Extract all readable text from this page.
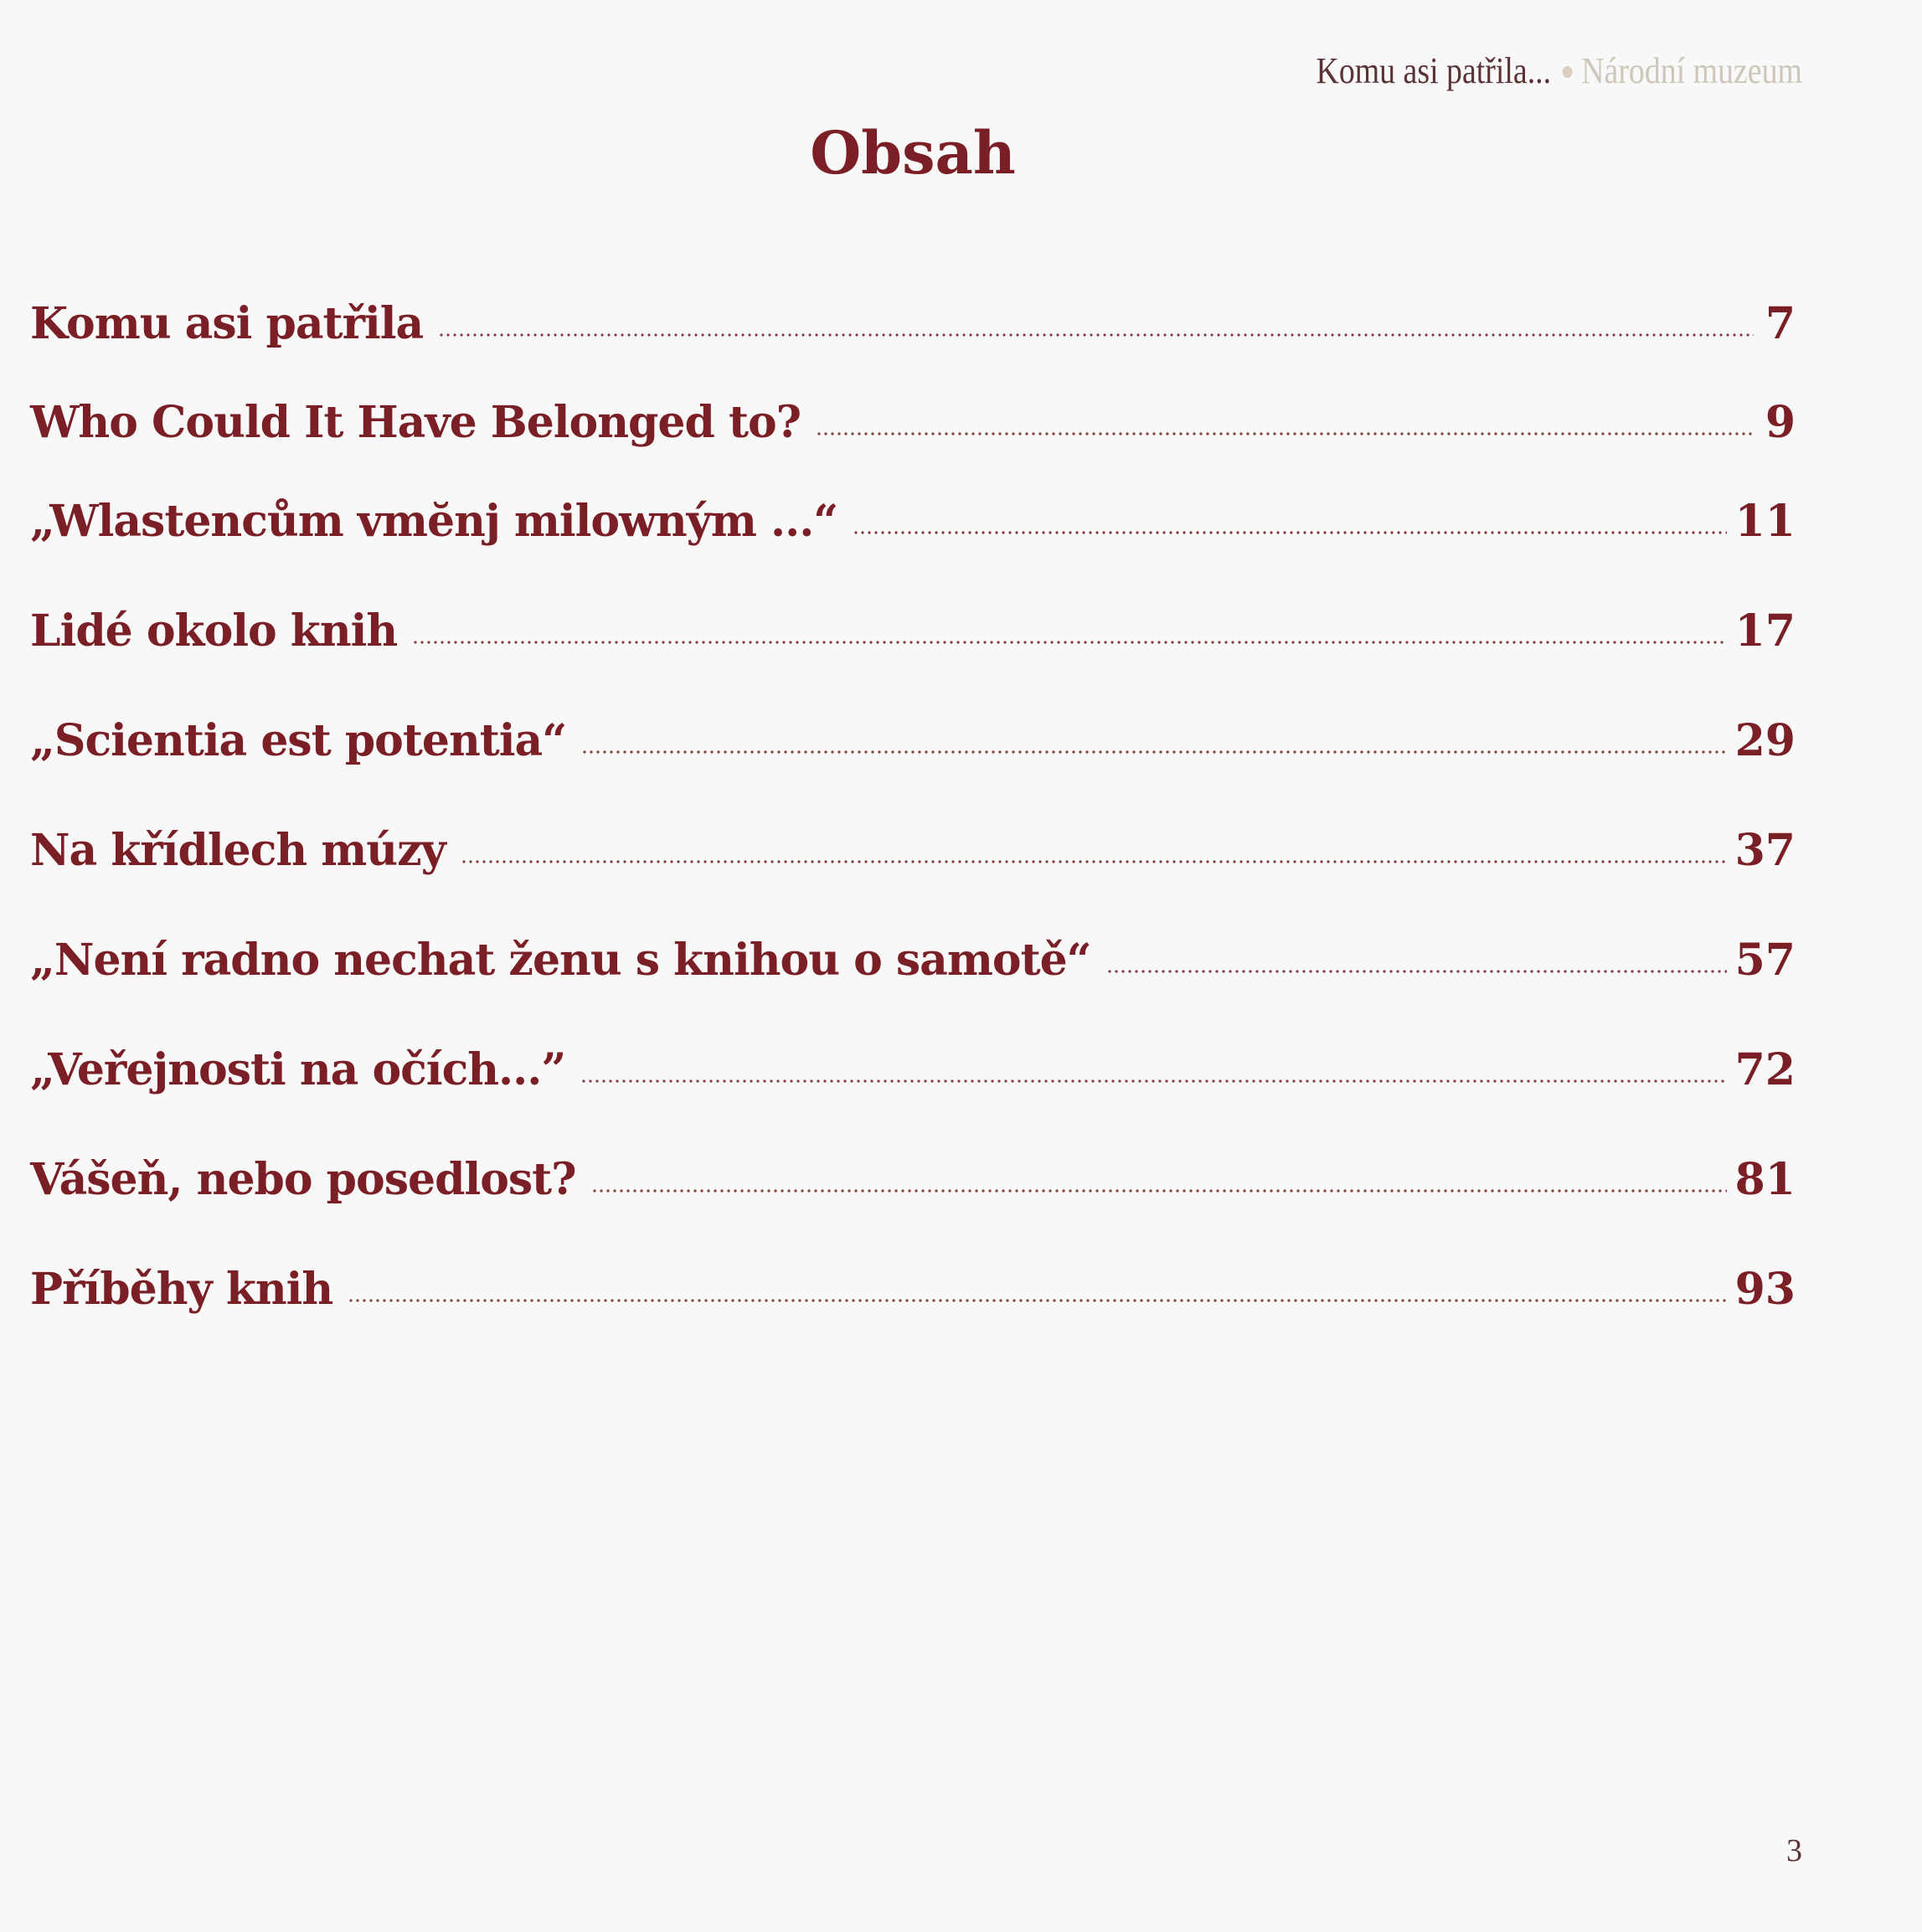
Komu asi patřila... Národní muzeum
Obsah
Komu asi patřila	7
Who Could It Have Belonged to?	9
„Wlastencům vmĕnj milowným ...“	11
Lidé okolo knih	17
„Scientia est potentia“	29
Na křídlech múzy	37
„Není radno nechat ženu s knihou o samotě“	57
„Veřejnosti na očích...”	72
Vášeň, nebo posedlost?	81
Příběhy knih	93
3
